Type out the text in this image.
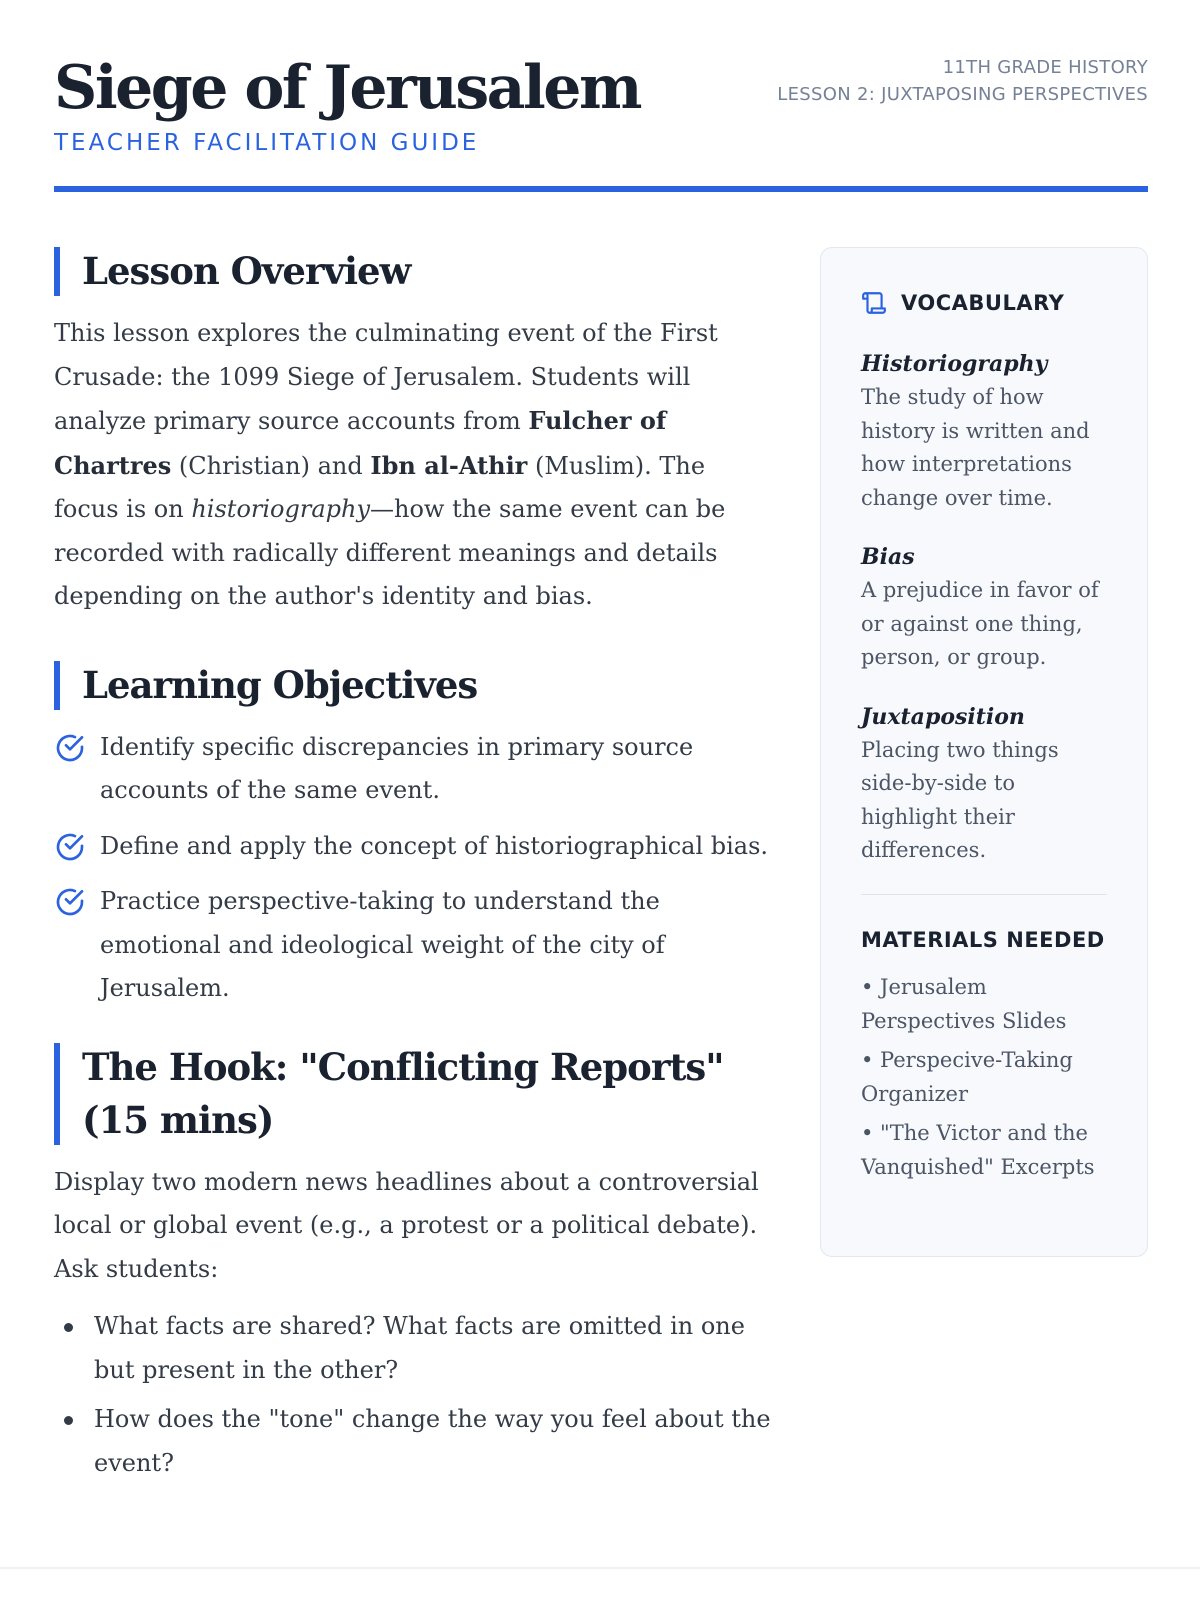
Siege of Jerusalem
TEACHER FACILITATION GUIDE
11TH GRADE HISTORY
LESSON 2: JUXTAPOSING PERSPECTIVES
Lesson Overview

This lesson explores the culminating event of the First Crusade: the 1099 Siege of Jerusalem. Students will analyze primary source accounts from Fulcher of Chartres (Christian) and Ibn al-Athir (Muslim). The focus is on historiography—how the same event can be recorded with radically different meanings and details depending on the author's identity and bias.

Learning Objectives
Identify specific discrepancies in primary source accounts of the same event.
Define and apply the concept of historiographical bias.
Practice perspective-taking to understand the emotional and ideological weight of the city of Jerusalem.
The Hook: "Conflicting Reports" (15 mins)

Display two modern news headlines about a controversial local or global event (e.g., a protest or a political debate). Ask students:

What facts are shared? What facts are omitted in one but present in the other?
How does the "tone" change the way you feel about the event?
VOCABULARY
Historiography
The study of how history is written and how interpretations change over time.
Bias
A prejudice in favor of or against one thing, person, or group.
Juxtaposition
Placing two things side-by-side to highlight their differences.
MATERIALS NEEDED
• Jerusalem Perspectives Slides
• Perspecive-Taking Organizer
• "The Victor and the Vanquished" Excerpts
